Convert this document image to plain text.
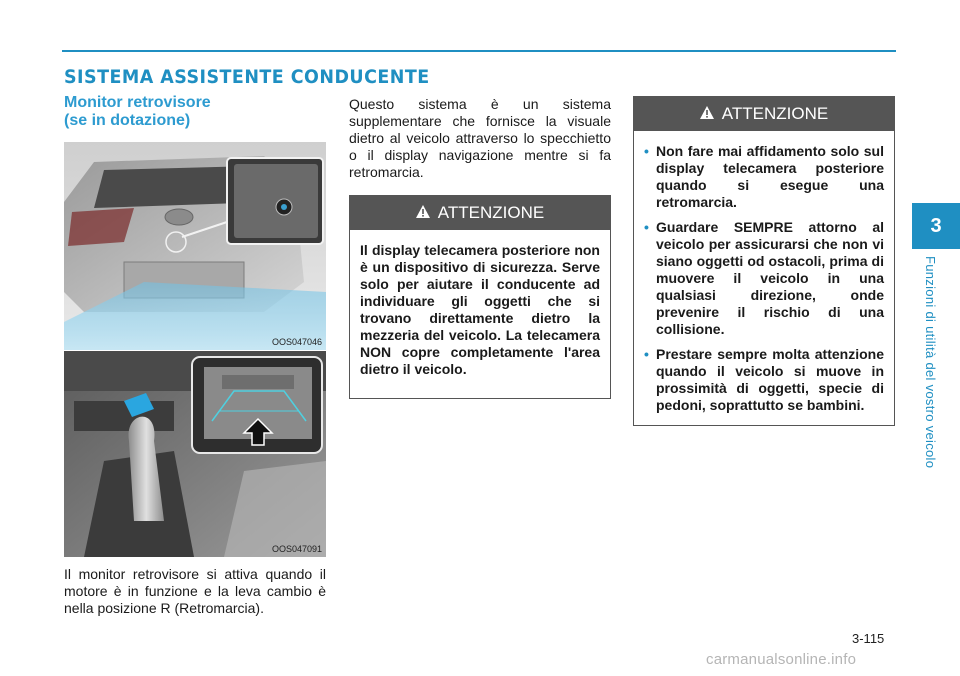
SISTEMA ASSISTENTE CONDUCENTE
Monitor retrovisore
(se in dotazione)
OOS047046
OOS047091
Il monitor retrovisore si attiva quando il motore è in funzione e la leva cambio è nella posizione R (Retromarcia).
Questo sistema è un sistema supplementare che fornisce la visuale dietro al veicolo attraverso lo specchietto o il display navigazione mentre si fa retromarcia.
ATTENZIONE
Il display telecamera posteriore non è un dispositivo di sicurezza. Serve solo per aiutare il conducente ad individuare gli oggetti che si trovano direttamente dietro la mezzeria del veicolo. La telecamera NON copre completamente l'area dietro il veicolo.
ATTENZIONE
• Non fare mai affidamento solo sul display telecamera posteriore quando si esegue una retromarcia.
• Guardare SEMPRE attorno al veicolo per assicurarsi che non vi siano oggetti od ostacoli, prima di muovere il veicolo in una qualsiasi direzione, onde prevenire il rischio di una collisione.
• Prestare sempre molta attenzione quando il veicolo si muove in prossimità di oggetti, specie di pedoni, soprattutto se bambini.
3
Funzioni di utilità del vostro veicolo
3-115
carmanualsonline.info
